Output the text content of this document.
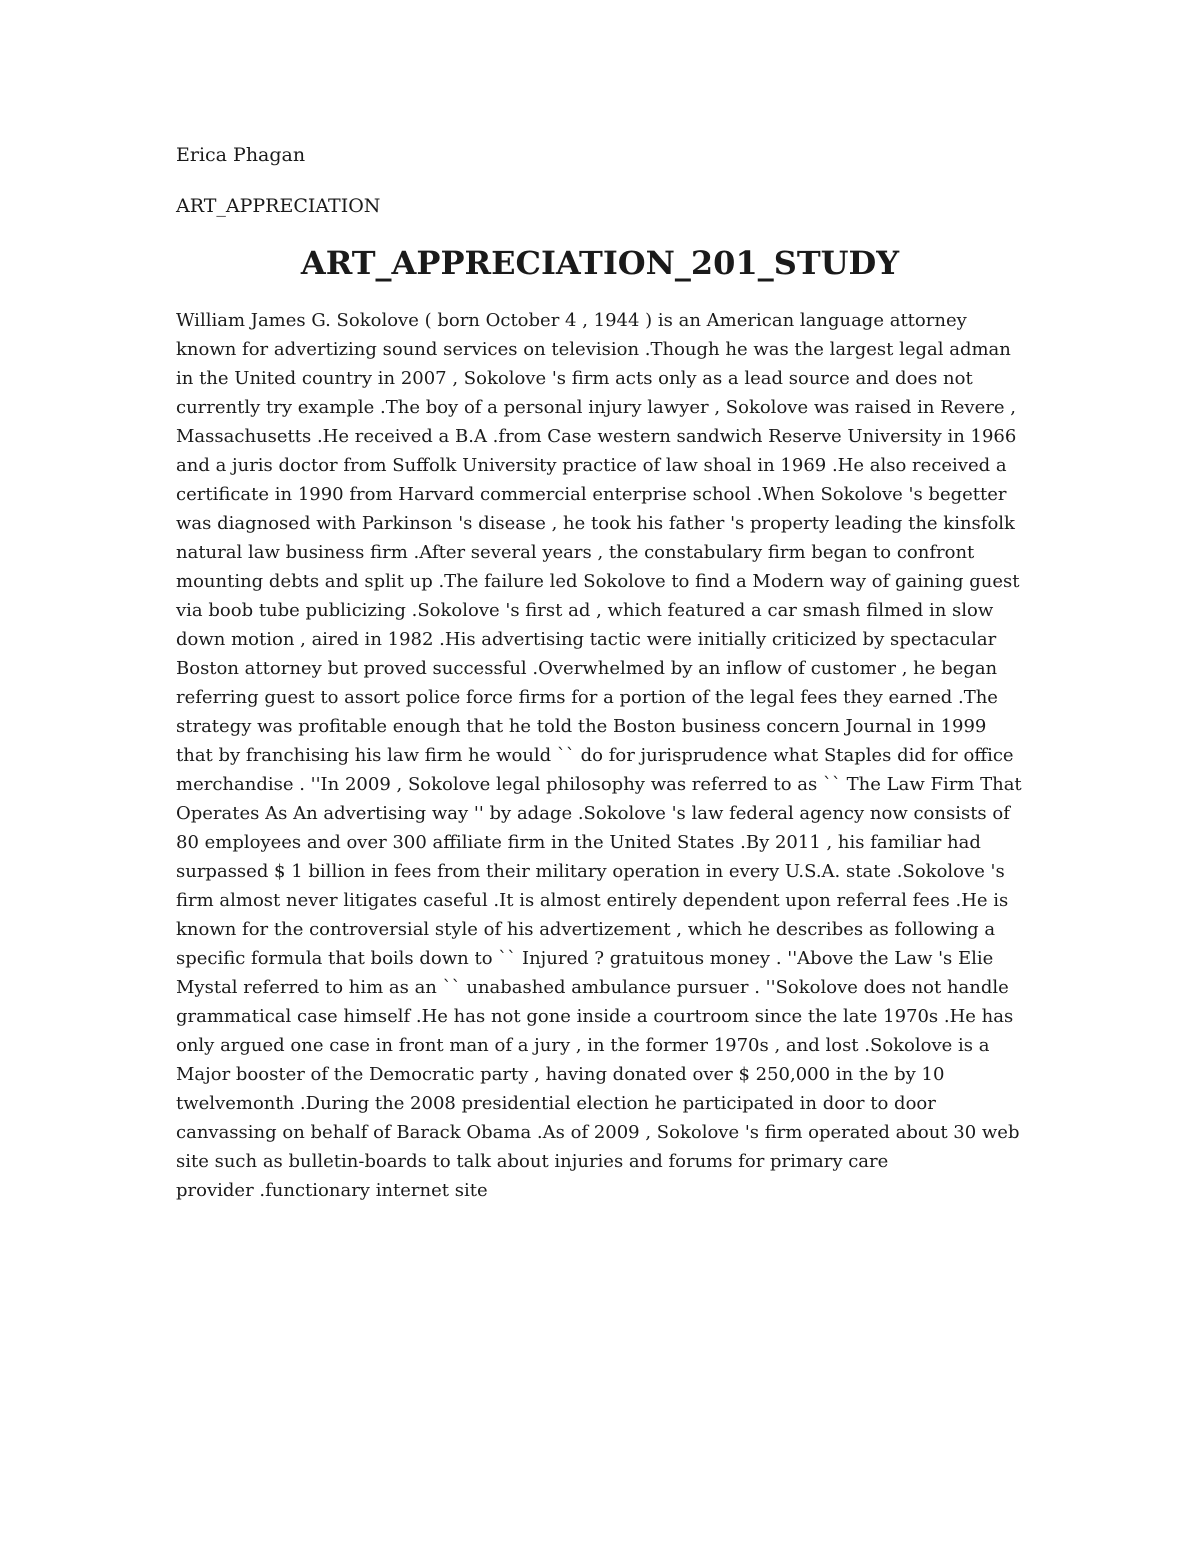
Erica Phagan
ART_APPRECIATION
ART_APPRECIATION_201_STUDY
William James G. Sokolove ( born October 4 , 1944 ) is an American language attorney
known for advertizing sound services on television .Though he was the largest legal adman
in the United country in 2007 , Sokolove 's firm acts only as a lead source and does not
currently try example .The boy of a personal injury lawyer , Sokolove was raised in Revere ,
Massachusetts .He received a B.A .from Case western sandwich Reserve University in 1966
and a juris doctor from Suffolk University practice of law shoal in 1969 .He also received a
certificate in 1990 from Harvard commercial enterprise school .When Sokolove 's begetter
was diagnosed with Parkinson 's disease , he took his father 's property leading the kinsfolk
natural law business firm .After several years , the constabulary firm began to confront
mounting debts and split up .The failure led Sokolove to find a Modern way of gaining guest
via boob tube publicizing .Sokolove 's first ad , which featured a car smash filmed in slow
down motion , aired in 1982 .His advertising tactic were initially criticized by spectacular
Boston attorney but proved successful .Overwhelmed by an inflow of customer , he began
referring guest to assort police force firms for a portion of the legal fees they earned .The
strategy was profitable enough that he told the Boston business concern Journal in 1999
that by franchising his law firm he would `` do for jurisprudence what Staples did for office
merchandise . ''In 2009 , Sokolove legal philosophy was referred to as `` The Law Firm That
Operates As An advertising way '' by adage .Sokolove 's law federal agency now consists of
80 employees and over 300 affiliate firm in the United States .By 2011 , his familiar had
surpassed $ 1 billion in fees from their military operation in every U.S.A. state .Sokolove 's
firm almost never litigates caseful .It is almost entirely dependent upon referral fees .He is
known for the controversial style of his advertizement , which he describes as following a
specific formula that boils down to `` Injured ? gratuitous money . ''Above the Law 's Elie
Mystal referred to him as an `` unabashed ambulance pursuer . ''Sokolove does not handle
grammatical case himself .He has not gone inside a courtroom since the late 1970s .He has
only argued one case in front man of a jury , in the former 1970s , and lost .Sokolove is a
Major booster of the Democratic party , having donated over $ 250,000 in the by 10
twelvemonth .During the 2008 presidential election he participated in door to door
canvassing on behalf of Barack Obama .As of 2009 , Sokolove 's firm operated about 30 web
site such as bulletin-boards to talk about injuries and forums for primary care
provider .functionary internet site
